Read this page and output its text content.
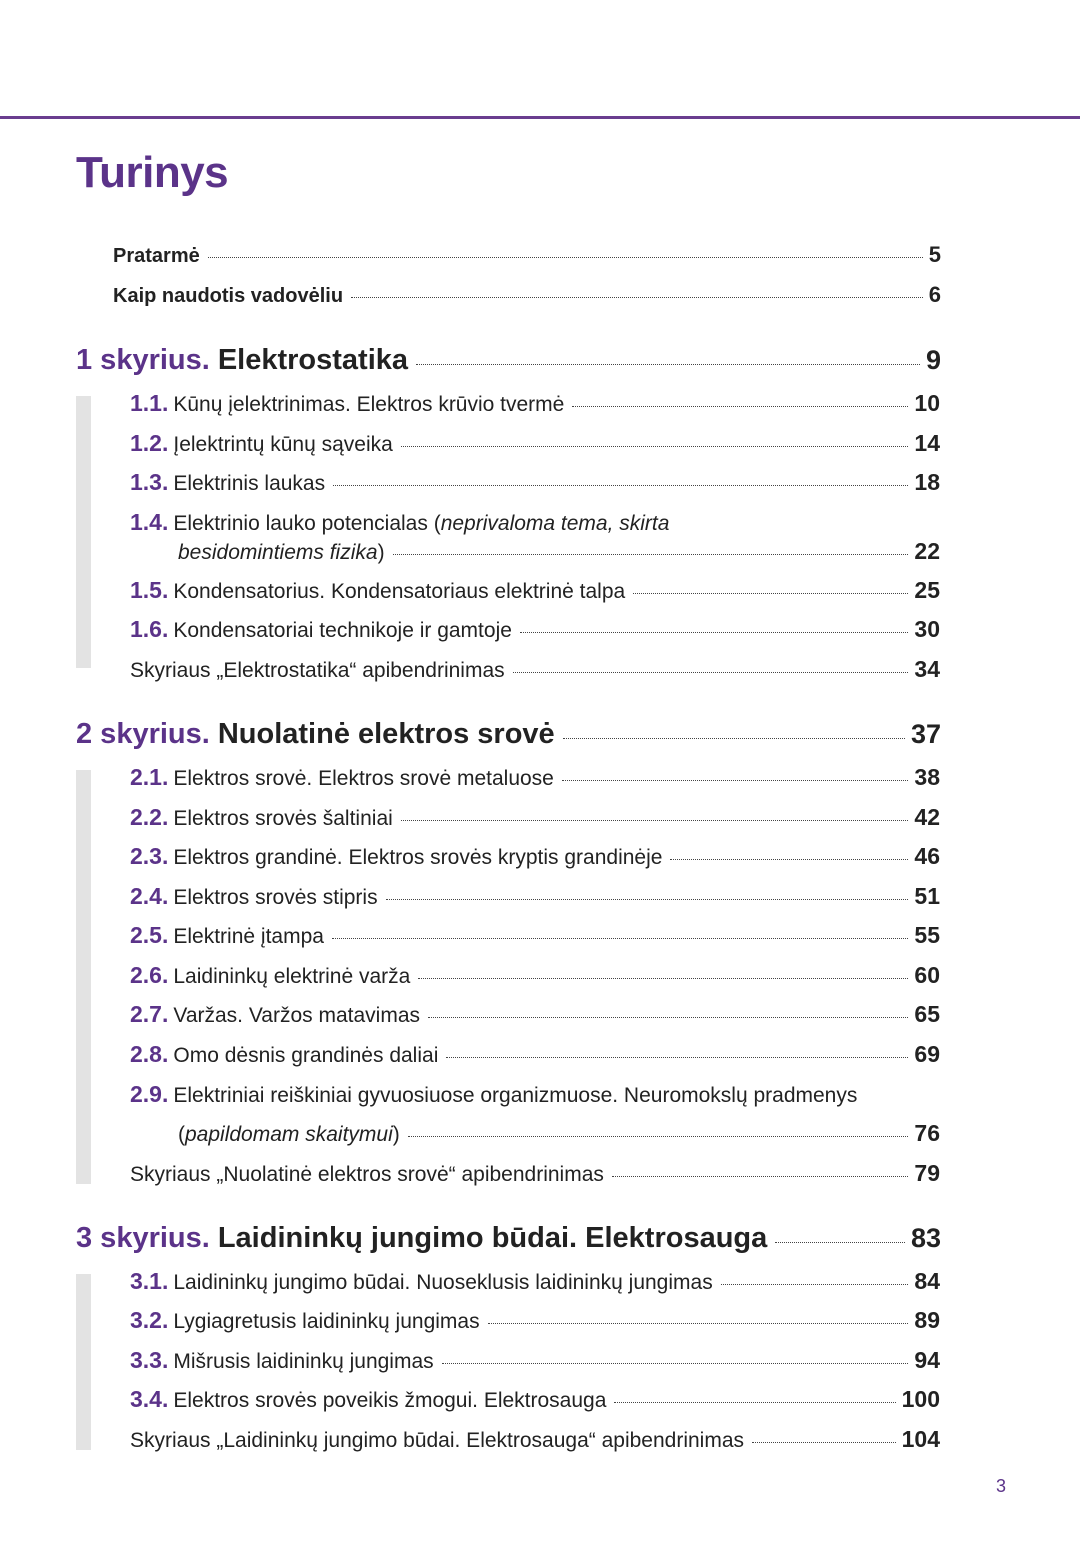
Turinys
Pratarmė	5
Kaip naudotis vadovėliu	6
1 skyrius. Elektrostatika	9
1.1. Kūnų įelektrinimas. Elektros krūvio tvermė	10
1.2. Įelektrintų kūnų sąveika	14
1.3. Elektrinis laukas	18
1.4. Elektrinio lauko potencialas (neprivaloma tema, skirta
besidomintiems fizika)	22
1.5. Kondensatorius. Kondensatoriaus elektrinė talpa	25
1.6. Kondensatoriai technikoje ir gamtoje	30
Skyriaus „Elektrostatika“ apibendrinimas	34
2 skyrius. Nuolatinė elektros srovė	37
2.1. Elektros srovė. Elektros srovė metaluose	38
2.2. Elektros srovės šaltiniai	42
2.3. Elektros grandinė. Elektros srovės kryptis grandinėje	46
2.4. Elektros srovės stipris	51
2.5. Elektrinė įtampa	55
2.6. Laidininkų elektrinė varža	60
2.7. Varžas. Varžos matavimas	65
2.8. Omo dėsnis grandinės daliai	69
2.9. Elektriniai reiškiniai gyvuosiuose organizmuose. Neuromokslų pradmenys
(papildomam skaitymui)	76
Skyriaus „Nuolatinė elektros srovė“ apibendrinimas	79
3 skyrius. Laidininkų jungimo būdai. Elektrosauga	83
3.1. Laidininkų jungimo būdai. Nuoseklusis laidininkų jungimas	84
3.2. Lygiagretusis laidininkų jungimas	89
3.3. Mišrusis laidininkų jungimas	94
3.4. Elektros srovės poveikis žmogui. Elektrosauga	100
Skyriaus „Laidininkų jungimo būdai. Elektrosauga“ apibendrinimas	104
3
